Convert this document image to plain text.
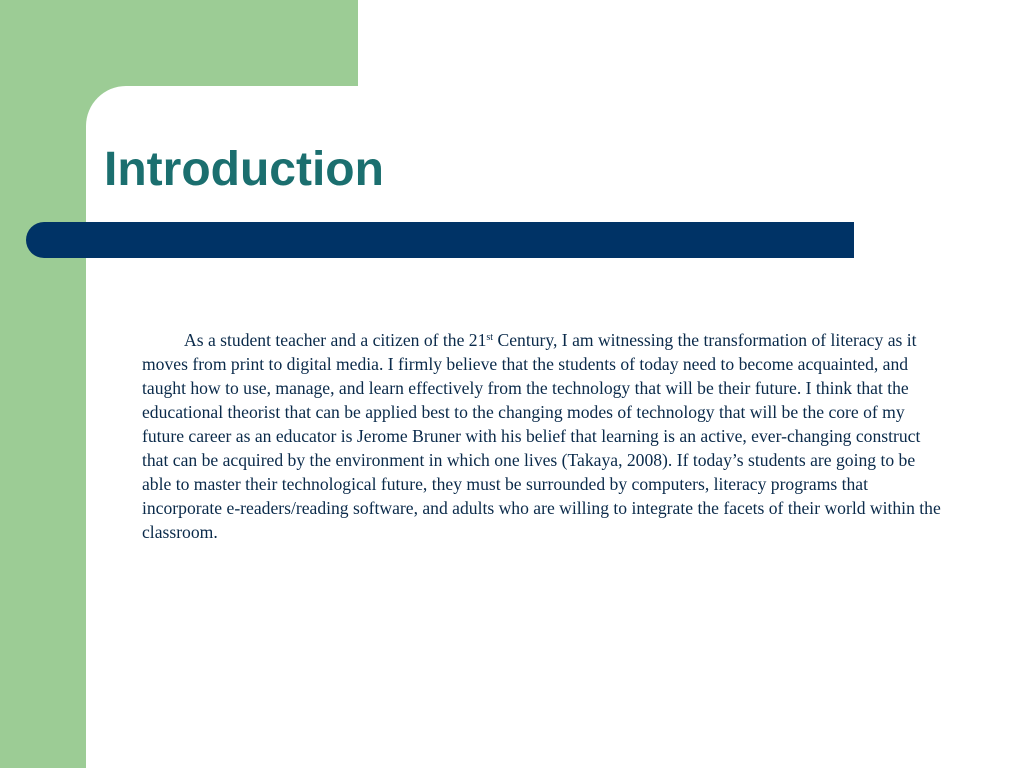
Introduction

As a student teacher and a citizen of the 21st Century, I am witnessing the transformation of literacy as it moves from print to digital media. I firmly believe that the students of today need to become acquainted, and taught how to use, manage, and learn effectively from the technology that will be their future. I think that the educational theorist that can be applied best to the changing modes of technology that will be the core of my future career as an educator is Jerome Bruner with his belief that learning is an active, ever-changing construct that can be acquired by the environment in which one lives (Takaya, 2008). If today’s students are going to be able to master their technological future, they must be surrounded by computers, literacy programs that incorporate e-readers/reading software, and adults who are willing to integrate the facets of their world within the classroom.
